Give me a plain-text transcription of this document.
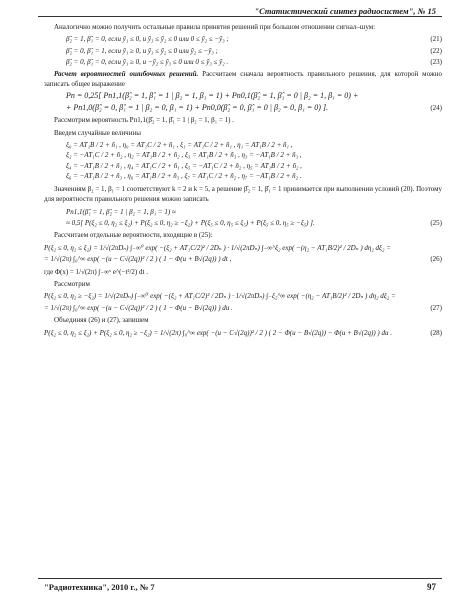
"Статистический синтез радиосистем", № 15

Аналогично можно получить остальные правила принятия решений при большом отношении сигнал–шум:

β̂₂ = 1, β̂₁ = 0, если ỹ₁ ≤ 0, и ỹ₃ ≤ ỹ₂ ≤ 0 или 0 ≤ ỹ₂ ≤ −ỹ₃ ;	(21)
β̂₂ = 0, β̂₁ = 1, если ỹ₁ ≥ 0, и ỹ₃ ≤ ỹ₂ ≤ 0 или ỹ₂ ≤ −ỹ₃ ;	(22)
β̂₂ = 0, β̂₁ = 0, если ỹ₁ ≥ 0, и −ỹ₂ ≤ ỹ₃ ≤ 0 или 0 ≤ ỹ₃ ≤ ỹ₂ .	(23)

Расчет вероятностей ошибочных решений. Рассчитаем сначала вероятность правильного решения, для которой можно записать общее выражение

Pп = 0,25[ Pп1,1(β̂₂ = 1, β̂₁ = 1 | β₂ = 1, β₁ = 1) + Pп0,1(β̂₂ = 1, β̂₁ = 0 | β₂ = 1, β₁ = 0) +
+ Pп1,0(β̂₂ = 0, β̂₁ = 1 | β₂ = 0, β₁ = 1) + Pп0,0(β̂₂ = 0, β̂₁ = 0 | β₂ = 0, β₁ = 0) ].	(24)

Рассмотрим вероятность Pп1,1(β̂₂ = 1, β̂₁ = 1 | β₂ = 1, β₁ = 1) .

Введем случайные величины

ξ₀ = AT₁B / 2 + ñ₁ , η₀ = AT₁C / 2 + ñ₁ , ξ₁ = AT₁C / 2 + ñ₁ , η₁ = AT₁B / 2 + ñ₁ ,
ξ₂ = −AT₁C / 2 + ñ₂ , η₂ = AT₁B / 2 + ñ₂ , ξ₃ = AT₁B / 2 + ñ₃ , η₃ = −AT₁B / 2 + ñ₃ ,
ξ₄ = −AT₁B / 2 + ñ₁ , η₄ = AT₁C / 2 + ñ₁ , ξ₅ = −AT₁C / 2 + ñ₂ , η₅ = AT₁B / 2 + ñ₂ ,
ξ₆ = −AT₁B / 2 + ñ₃ , η₆ = AT₁B / 2 + ñ₃ , ξ₇ = AT₁C / 2 + ñ₂ , η₇ = −AT₁B / 2 + ñ₂ .

Значениям β₂ = 1, β₁ = 1 соответствуют k = 2 и k = 5, а решение β̂₂ = 1, β̂₁ = 1 принимается при выполнении условий (20). Поэтому для вероятности правильного решения можно записать

Pп1,1(β̂₁ = 1, β̂₂ = 1 | β₂ = 1, β₁ = 1) ≈
≈ 0,5[ P(ξ₂ ≤ 0, η₂ ≤ ξ₂) + P(ξ₂ ≤ 0, η₂ ≥ −ξ₂) + P(ξ₅ ≤ 0, η₅ ≤ ξ₅) + P(ξ₅ ≤ 0, η₅ ≥ −ξ₅) ].	(25)

Рассчитаем отдельные вероятности, входящие в (25):

P(ξ₂ ≤ 0, η₂ ≤ ξ₂) = 1/√(2πDₙ) ∫₋∞⁰ exp( −(ξ₂ + AT₁C/2)² / 2Dₙ ) · 1/√(2πDₙ) ∫₋∞^ξ₂ exp( −(η₂ − AT₁B/2)² / 2Dₙ ) dη₂ dξ₂ =
= 1/√(2π) ∫₀^∞ exp( −(u − C√(2q))² / 2 ) ( 1 − Φ(u + B√(2q)) ) dt ,	(26)

где Φ(x) = 1/√(2π) ∫₋∞ˣ e^(−t²/2) dt .

Рассмотрим

P(ξ₂ ≤ 0, η₂ ≥ −ξ₂) = 1/√(2πDₙ) ∫₋∞⁰ exp( −(ξ₂ + AT₁C/2)² / 2Dₙ ) · 1/√(2πDₙ) ∫₋ξ₂^∞ exp( −(η₂ − AT₁B/2)² / 2Dₙ ) dη₂ dξ₂ =
= 1/√(2π) ∫₀^∞ exp( −(u − C√(2q))² / 2 ) ( 1 − Φ(u − B√(2q)) ) du .	(27)

Объединяя (26) и (27), запишем

P(ξ₂ ≤ 0, η₂ ≤ ξ₂) + P(ξ₂ ≤ 0, η₂ ≥ −ξ₂) = 1/√(2π) ∫₀^∞ exp( −(u − C√(2q))² / 2 ) ( 2 − Φ(u − B√(2q)) − Φ(u + B√(2q)) ) du .	(28)
"Радиотехника", 2010 г., № 7	97
